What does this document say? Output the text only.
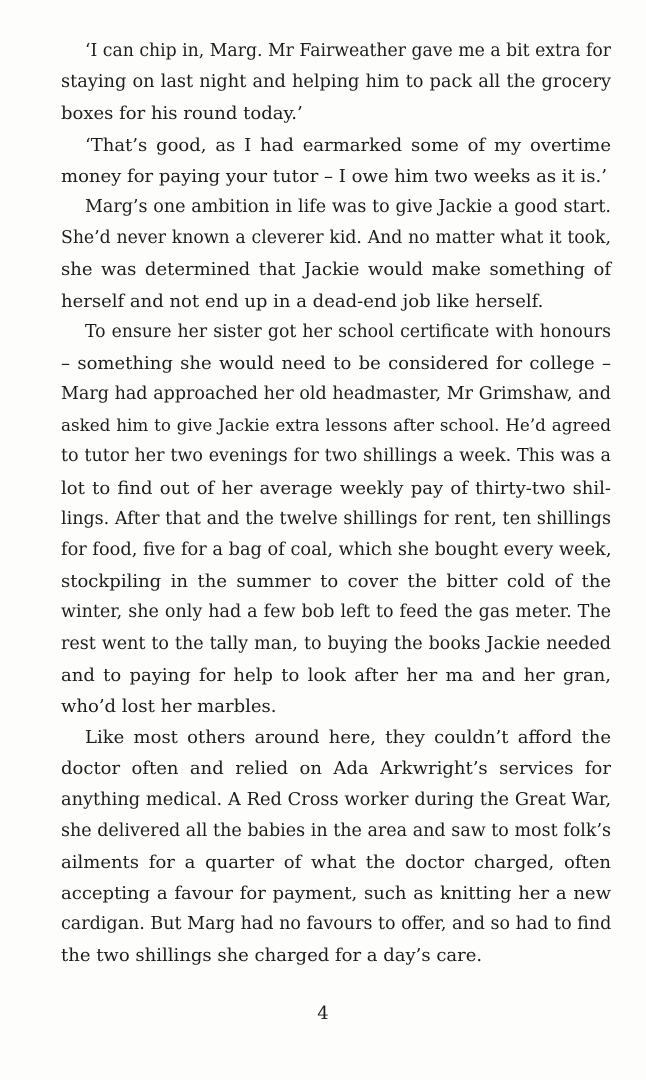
‘I can chip in, Marg. Mr Fairweather gave me a bit extra for
staying on last night and helping him to pack all the grocery
boxes for his round today.’
‘That’s good, as I had earmarked some of my overtime
money for paying your tutor – I owe him two weeks as it is.’
Marg’s one ambition in life was to give Jackie a good start.
She’d never known a cleverer kid. And no matter what it took,
she was determined that Jackie would make something of
herself and not end up in a dead-end job like herself.
To ensure her sister got her school certificate with honours
– something she would need to be considered for college –
Marg had approached her old headmaster, Mr Grimshaw, and
asked him to give Jackie extra lessons after school. He’d agreed
to tutor her two evenings for two shillings a week. This was a
lot to find out of her average weekly pay of thirty-two shil-
lings. After that and the twelve shillings for rent, ten shillings
for food, five for a bag of coal, which she bought every week,
stockpiling in the summer to cover the bitter cold of the
winter, she only had a few bob left to feed the gas meter. The
rest went to the tally man, to buying the books Jackie needed
and to paying for help to look after her ma and her gran,
who’d lost her marbles.
Like most others around here, they couldn’t afford the
doctor often and relied on Ada Arkwright’s services for
anything medical. A Red Cross worker during the Great War,
she delivered all the babies in the area and saw to most folk’s
ailments for a quarter of what the doctor charged, often
accepting a favour for payment, such as knitting her a new
cardigan. But Marg had no favours to offer, and so had to find
the two shillings she charged for a day’s care.
4
